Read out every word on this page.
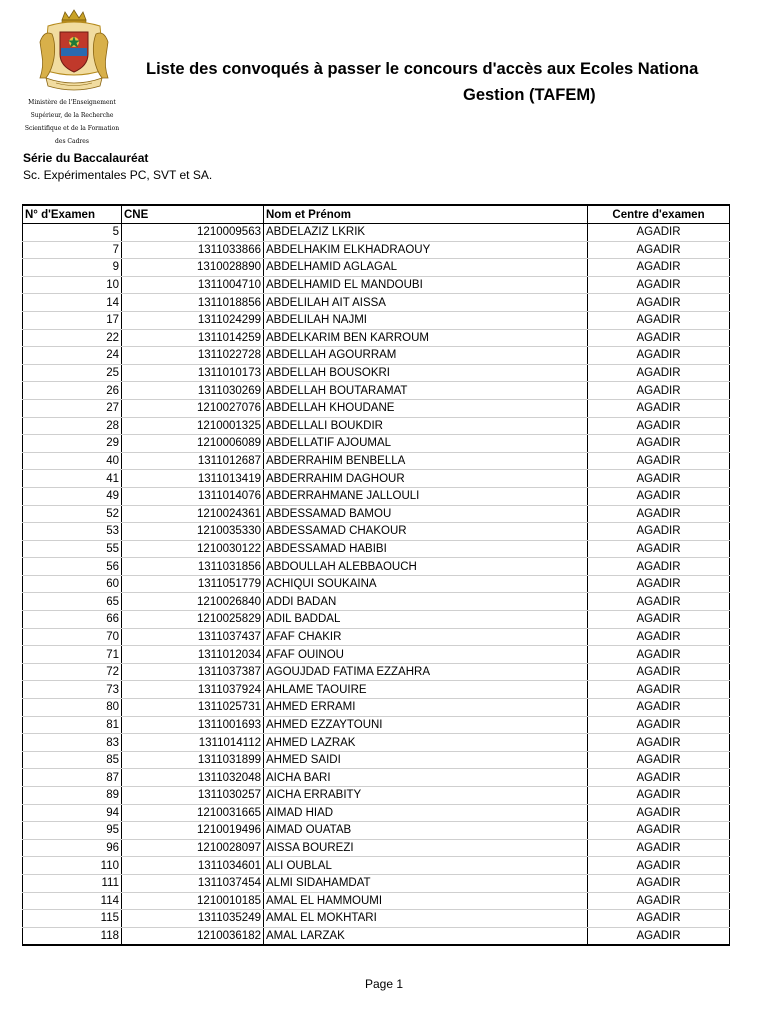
Ministère de l'Enseignement
Supérieur, de la Recherche
Scientifique et de la Formation
des Cadres
Liste des convoqués à passer le concours d'accès aux Ecoles Nationa
Gestion (TAFEM)
Série du Baccalauréat
Sc. Expérimentales PC, SVT et SA.
N° d'Examen	CNE	Nom et Prénom	Centre d'examen
5	1210009563	ABDELAZIZ LKRIK	AGADIR
7	1311033866	ABDELHAKIM ELKHADRAOUY	AGADIR
9	1310028890	ABDELHAMID AGLAGAL	AGADIR
10	1311004710	ABDELHAMID EL MANDOUBI	AGADIR
14	1311018856	ABDELILAH AIT AISSA	AGADIR
17	1311024299	ABDELILAH NAJMI	AGADIR
22	1311014259	ABDELKARIM BEN KARROUM	AGADIR
24	1311022728	ABDELLAH AGOURRAM	AGADIR
25	1311010173	ABDELLAH BOUSOKRI	AGADIR
26	1311030269	ABDELLAH BOUTARAMAT	AGADIR
27	1210027076	ABDELLAH KHOUDANE	AGADIR
28	1210001325	ABDELLALI BOUKDIR	AGADIR
29	1210006089	ABDELLATIF AJOUMAL	AGADIR
40	1311012687	ABDERRAHIM BENBELLA	AGADIR
41	1311013419	ABDERRAHIM DAGHOUR	AGADIR
49	1311014076	ABDERRAHMANE JALLOULI	AGADIR
52	1210024361	ABDESSAMAD BAMOU	AGADIR
53	1210035330	ABDESSAMAD CHAKOUR	AGADIR
55	1210030122	ABDESSAMAD HABIBI	AGADIR
56	1311031856	ABDOULLAH ALEBBAOUCH	AGADIR
60	1311051779	ACHIQUI SOUKAINA	AGADIR
65	1210026840	ADDI BADAN	AGADIR
66	1210025829	ADIL BADDAL	AGADIR
70	1311037437	AFAF CHAKIR	AGADIR
71	1311012034	AFAF OUINOU	AGADIR
72	1311037387	AGOUJDAD FATIMA EZZAHRA	AGADIR
73	1311037924	AHLAME TAOUIRE	AGADIR
80	1311025731	AHMED ERRAMI	AGADIR
81	1311001693	AHMED EZZAYTOUNI	AGADIR
83	1311014112	AHMED LAZRAK	AGADIR
85	1311031899	AHMED SAIDI	AGADIR
87	1311032048	AICHA BARI	AGADIR
89	1311030257	AICHA ERRABITY	AGADIR
94	1210031665	AIMAD HIAD	AGADIR
95	1210019496	AIMAD OUATAB	AGADIR
96	1210028097	AISSA BOUREZI	AGADIR
110	1311034601	ALI OUBLAL	AGADIR
111	1311037454	ALMI SIDAHAMDAT	AGADIR
114	1210010185	AMAL EL HAMMOUMI	AGADIR
115	1311035249	AMAL EL MOKHTARI	AGADIR
118	1210036182	AMAL LARZAK	AGADIR
Page 1
